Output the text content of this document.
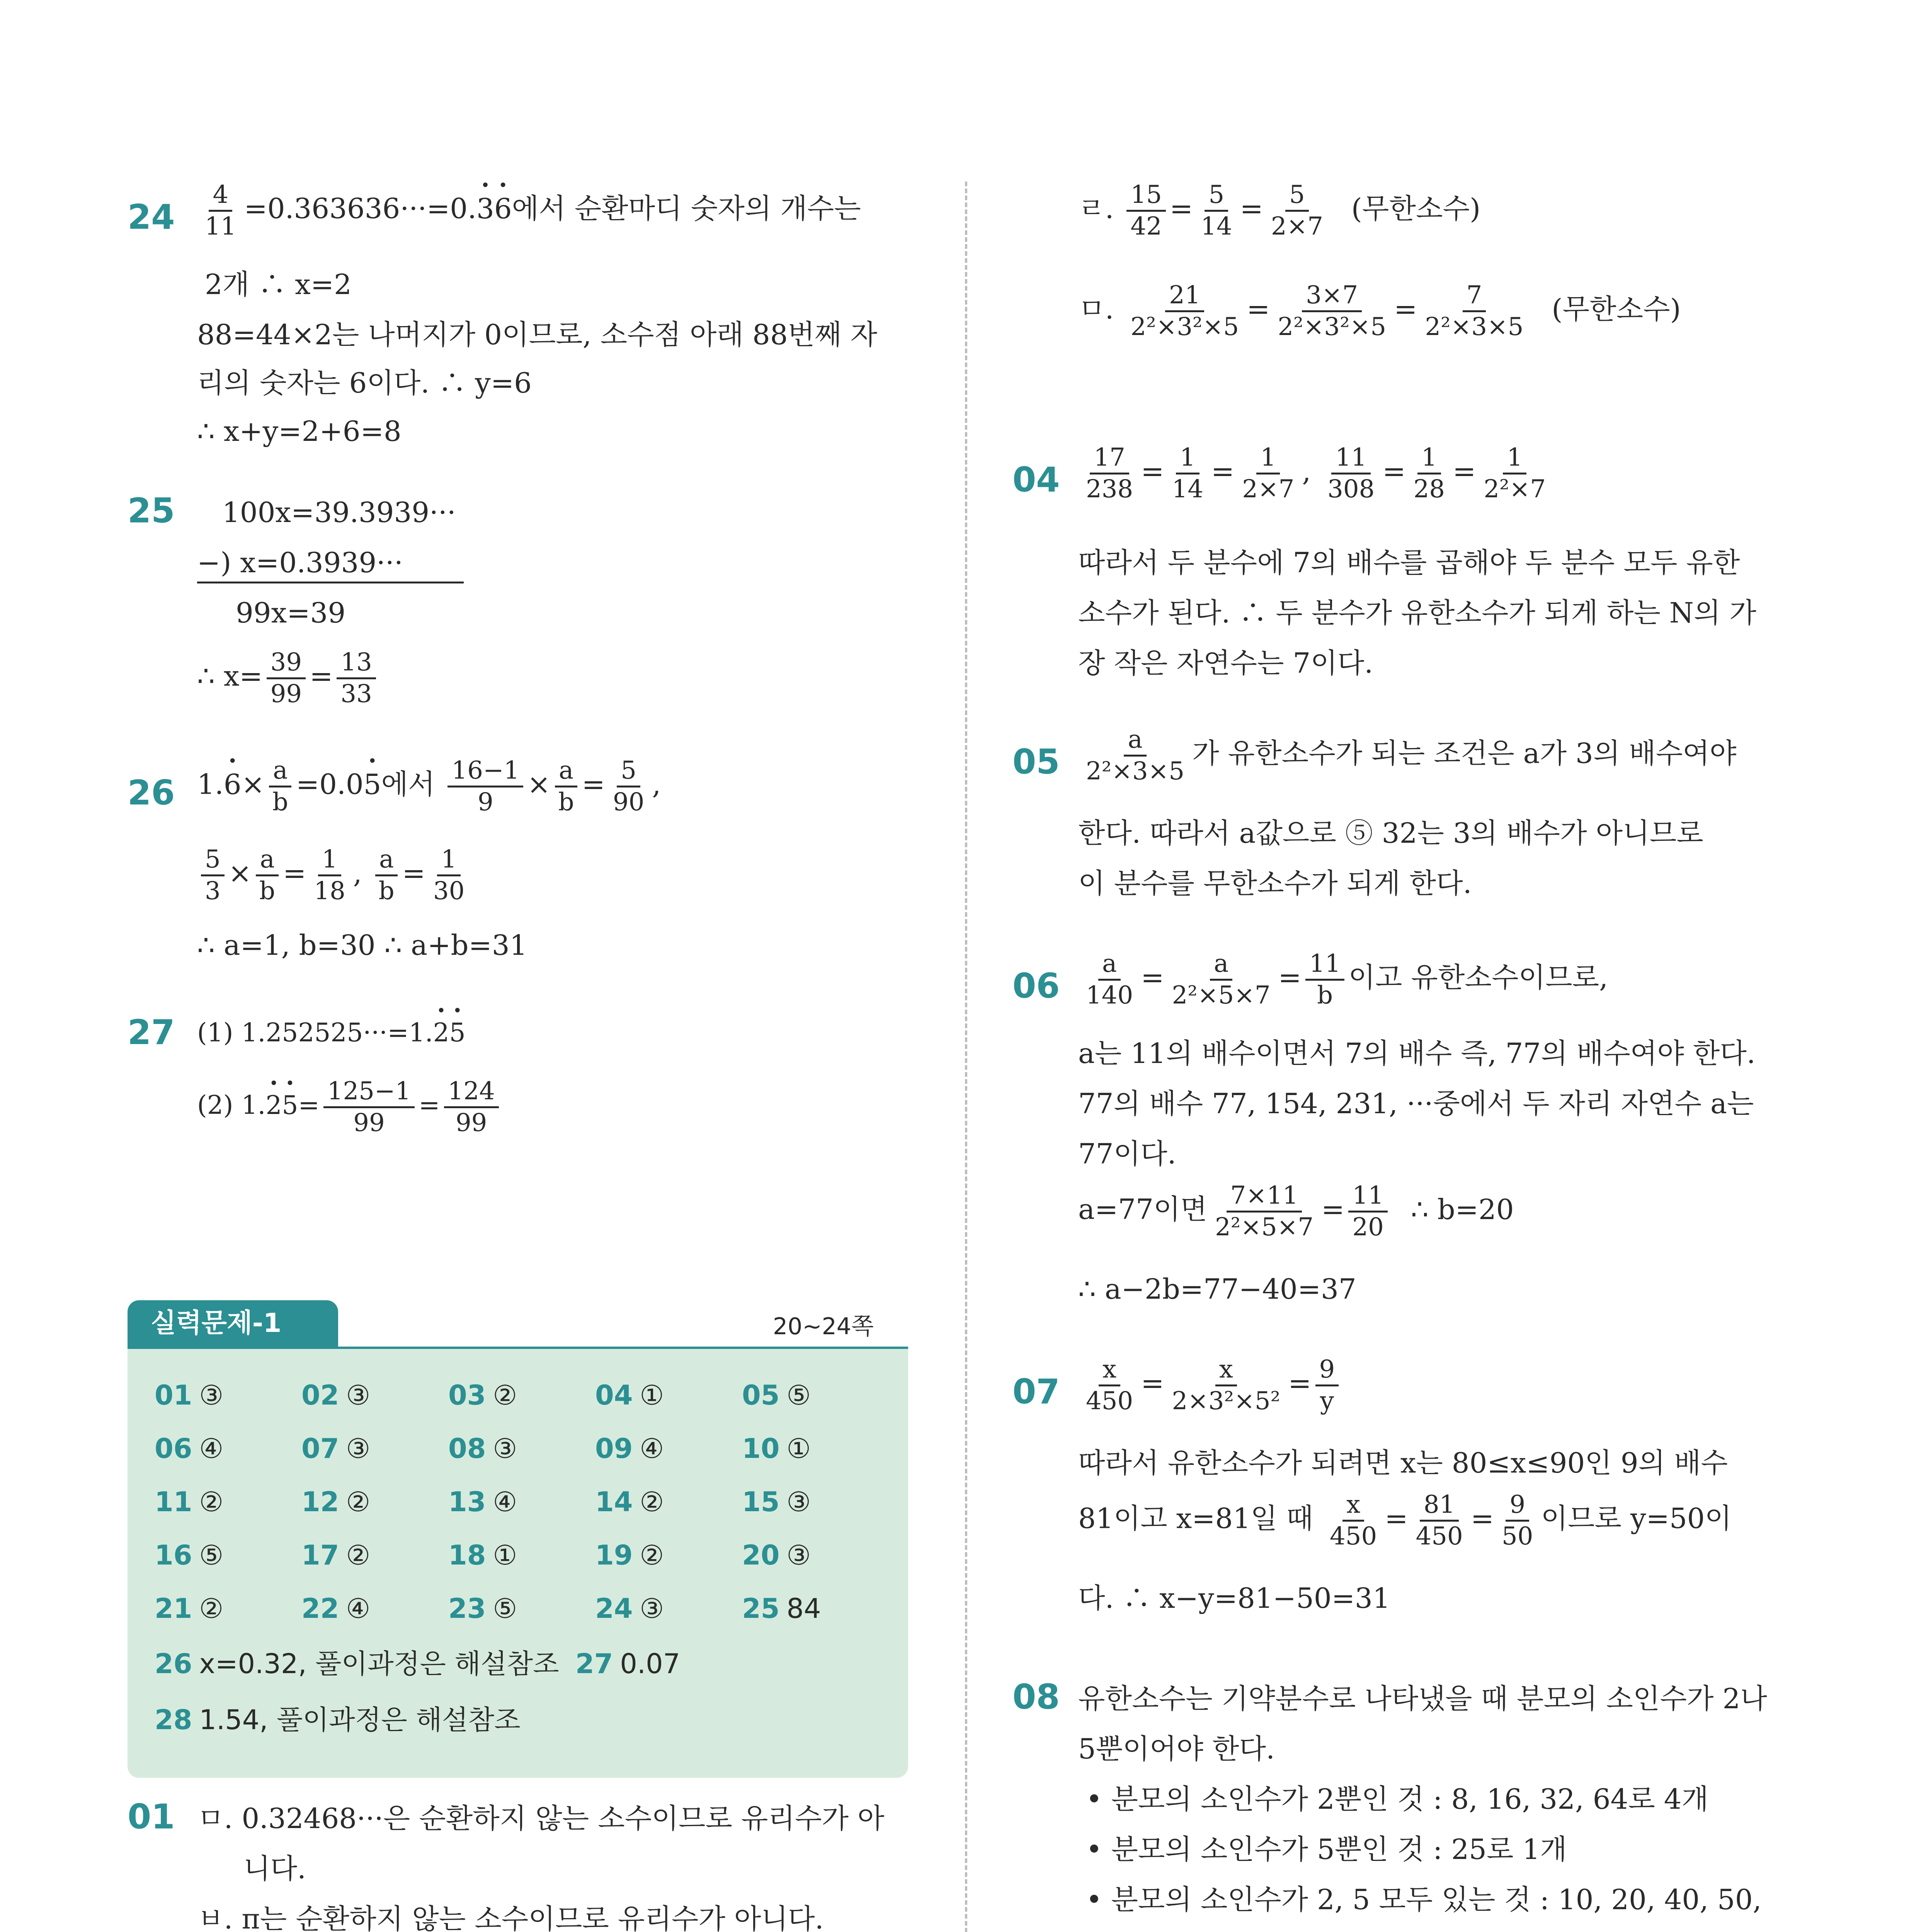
$24 \frac{4}{11}$ =0.363636···=0.• 3• 6에서 순환마디 숫자의 개수는
2개 ∴ x=2
88=44×2는 나머지가 0이므로, 소수점 아래 88번째 자
리의 숫자는 6이다. ∴ y=6
∴ x+y=2+6=8
25 100x=39.3939···
−) x=0.3939···
99x=39
∴ $x= \frac{39}{99} = \frac{13}{33}$
26 1.• $6\times \frac{a}{b}$ =0.0• 5에서 $\frac{16-1}{9} \times \frac{a}{b} = \frac{5}{90}$ ,
$\frac{5}{3} \times \frac{a}{b} = \frac{1}{18}$ , $\frac{a}{b} = \frac{1}{30}$
∴ a=1, b=30 ∴ a+b=31
27 (1) 1.252525···=1.• 2• 5
(2) 1.• 2• $5= \frac{125-1}{99} = \frac{124}{99}$
실력문제-1	20∼24쪽
01 ③	02 ③	03 ②	04 ①	05 ⑤
06 ④	07 ③	08 ③	09 ④	10 ①
11 ②	12 ②	13 ④	14 ②	15 ③
16 ⑤	17 ②	18 ①	19 ②	20 ③
21 ②	22 ④	23 ⑤	24 ③	25 84
26 x=0.32, 풀이과정은 해설참조 27 0.07
28 1.54, 풀이과정은 해설참조
01 ㅁ. 0.32468···은 순환하지 않는 소수이므로 유리수가 아
니다.
ㅂ. π는 순환하지 않는 소수이므로 유리수가 아니다.
ㄹ. $\frac{15}{42} = \frac{5}{14} = \frac{5}{2\times 7}$ (무한소수)
ㅁ. $\frac{21}{\text{2²×3²×5}} = \frac{3\times 7}{\text{2²×3²×5}} = \frac{7}{\text{2²×3×5}}$ (무한소수)
$04 \frac{17}{238} = \frac{1}{14} = \frac{1}{2\times 7}$ , $\frac{11}{308} = \frac{1}{28} = \frac{1}{\text{2²×7}}$
따라서 두 분수에 7의 배수를 곱해야 두 분수 모두 유한
소수가 된다. ∴ 두 분수가 유한소수가 되게 하는 N의 가
장 작은 자연수는 7이다.
$05 \frac{a}{\text{2²×3×5}}$ 가 유한소수가 되는 조건은 a가 3의 배수여야
한다. 따라서 a값으로 ⑤ 32는 3의 배수가 아니므로
이 분수를 무한소수가 되게 한다.
$06 \frac{a}{140} = \frac{a}{\text{2²×5×7}} = \frac{11}{b}$ 이고 유한소수이므로,
a는 11의 배수이면서 7의 배수 즉, 77의 배수여야 한다.
77의 배수 77, 154, 231, ···중에서 두 자리 자연수 a는
77이다.
a=77이면 $\frac{7\times 11}{\text{2²×5×7}} = \frac{11}{20}$ ∴ b=20
∴ a−2b=77−40=37
$07 \frac{x}{450} = \frac{x}{\text{2×3²×5²}} = \frac{9}{y}$
따라서 유한소수가 되려면 x는 80≤x≤90인 9의 배수
81이고 x=81일 때 $\frac{x}{450} = \frac{81}{450} = \frac{9}{50}$ 이므로 y=50이
다. ∴ x−y=81−50=31
08 유한소수는 기약분수로 나타냈을 때 분모의 소인수가 2나
5뿐이어야 한다.
• 분모의 소인수가 2뿐인 것 : 8, 16, 32, 64로 4개
• 분모의 소인수가 5뿐인 것 : 25로 1개
• 분모의 소인수가 2, 5 모두 있는 것 : 10, 20, 40, 50,
